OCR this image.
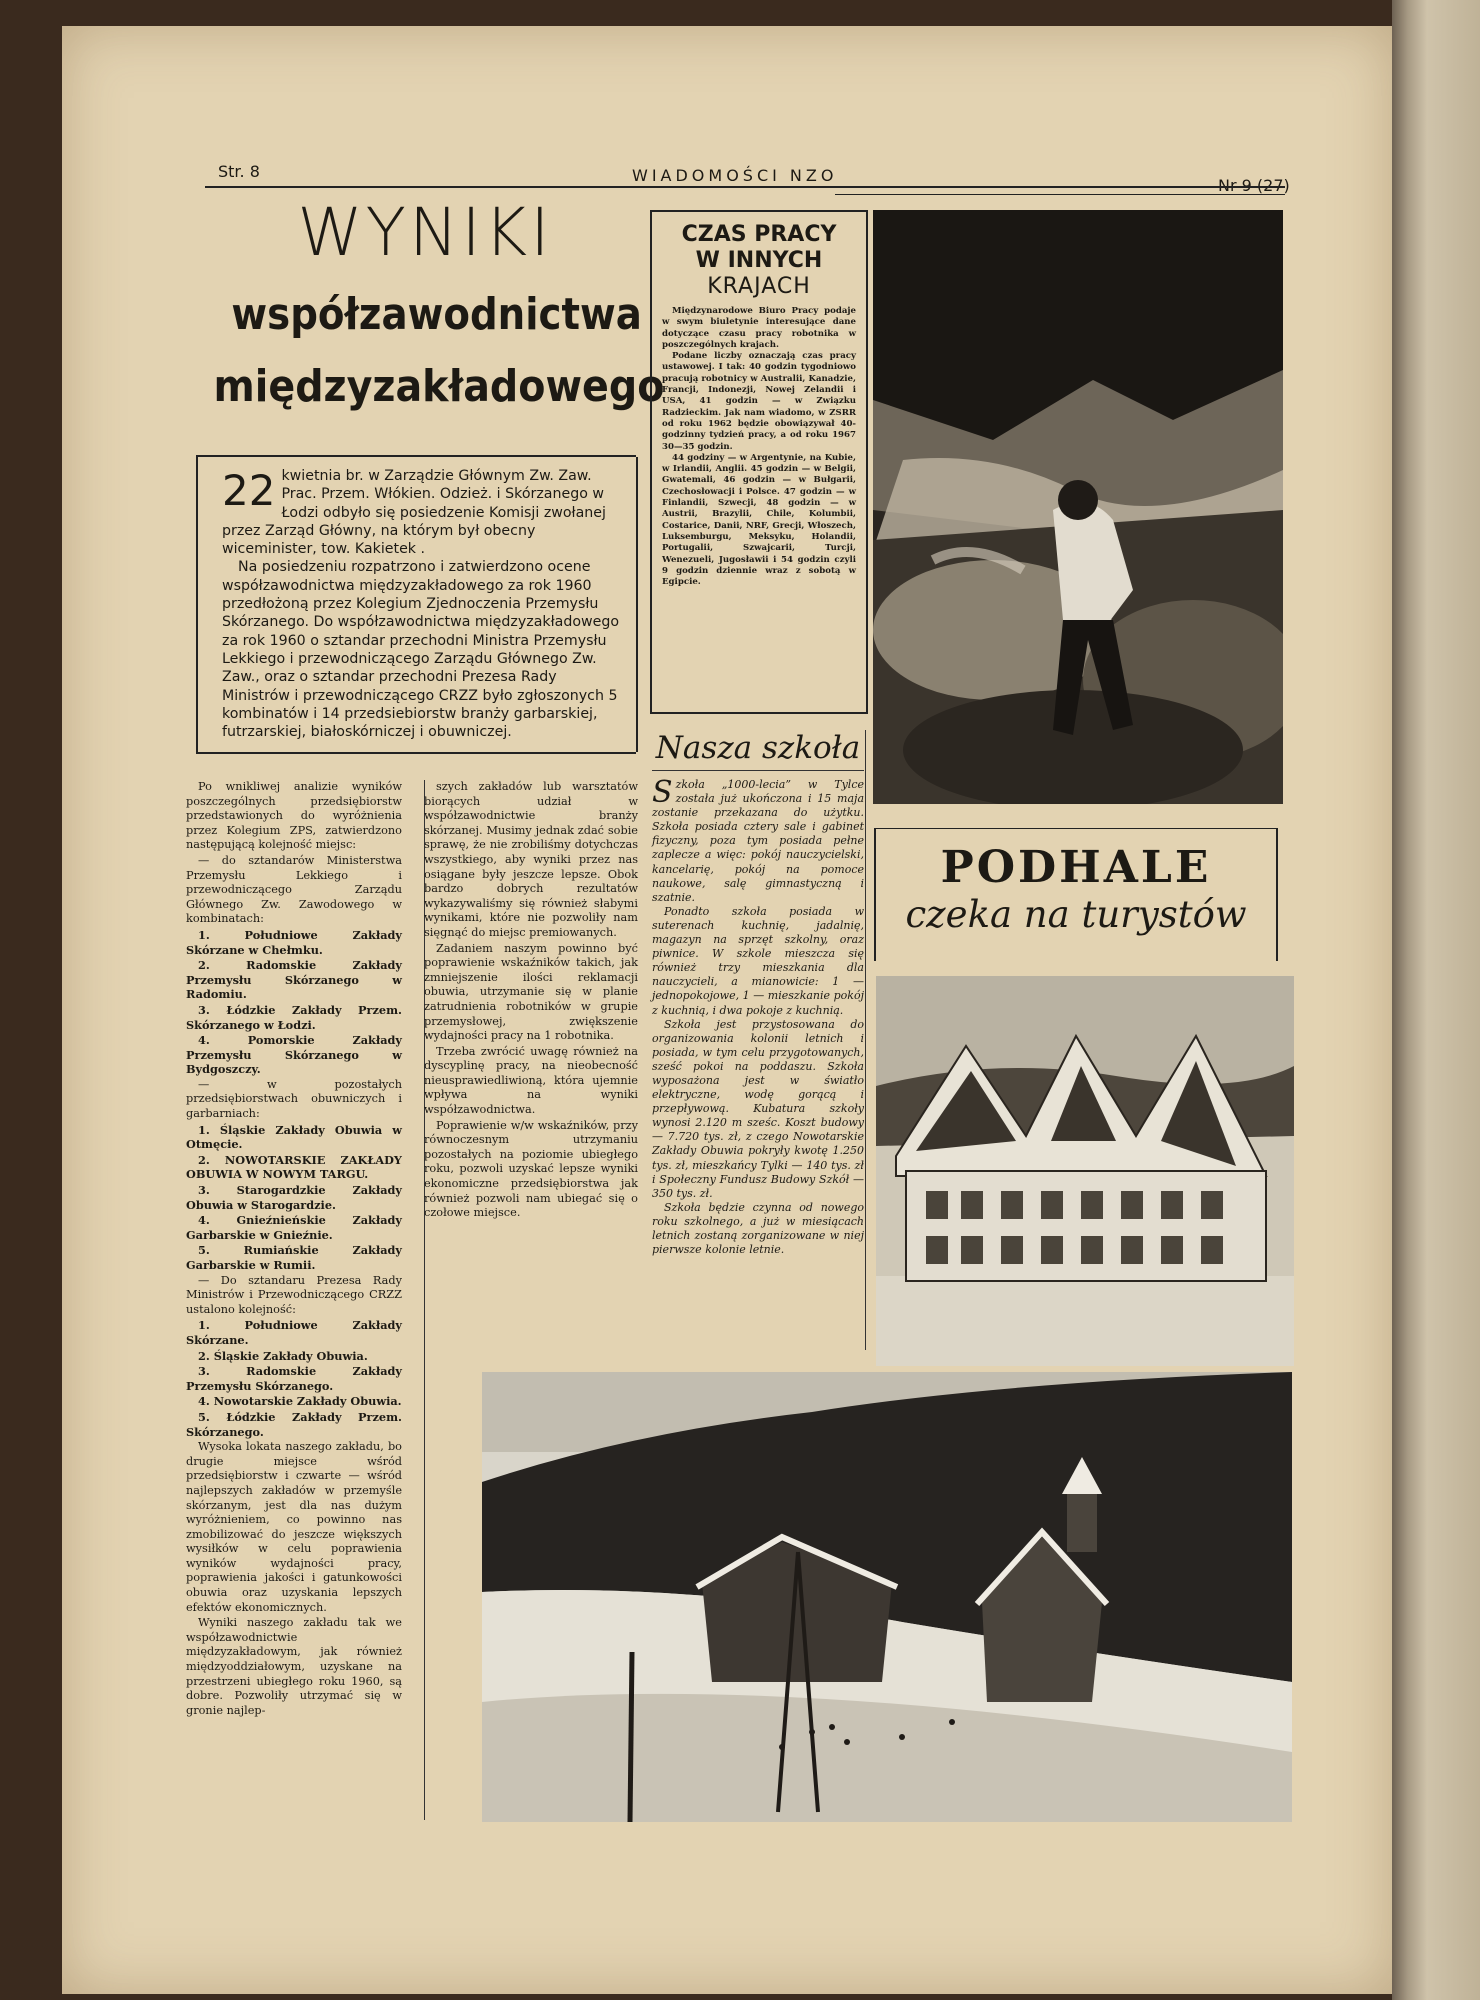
Str. 8	WIADOMOŚCI NZO
Nr 9 (27)
WYNIKI
współzawodnictwa
międzyzakładowego
22 kwietnia br. w Zarządzie Głównym Zw. Zaw. Prac. Przem. Włókien. Odzież. i Skórzanego w Łodzi odbyło się posiedzenie Komisji zwołanej przez Zarząd Główny, na którym był obecny wiceminister, tow. Kakietek .
Na posiedzeniu rozpatrzono i zatwierdzono ocene współzawodnictwa międzyzakładowego za rok 1960 przedłożoną przez Kolegium Zjednoczenia Przemysłu Skórzanego. Do współzawodnictwa międzyzakładowego za rok 1960 o sztandar przechodni Ministra Przemysłu Lekkiego i przewodniczącego Zarządu Głównego Zw. Zaw., oraz o sztandar przechodni Prezesa Rady Ministrów i przewodniczącego CRZZ było zgłoszonych 5 kombinatów i 14 przedsiebiorstw branży garbarskiej, futrzarskiej, białoskórniczej i obuwniczej.

Po wnikliwej analizie wyników poszczególnych przedsiębiorstw przedstawionych do wyróżnienia przez Kolegium ZPS, zatwierdzono następującą kolejność miejsc:

— do sztandarów Ministerstwa Przemysłu Lekkiego i przewodniczącego Zarządu Głównego Zw. Zawodowego w kombinatach:

1. Południowe Zakłady Skórzane w Chełmku.

2. Radomskie Zakłady Przemysłu Skórzanego w Radomiu.

3. Łódzkie Zakłady Przem. Skórzanego w Łodzi.

4. Pomorskie Zakłady Przemysłu Skórzanego w Bydgoszczy.

— w pozostałych przedsiębiorstwach obuwniczych i garbarniach:

1. Śląskie Zakłady Obuwia w Otmęcie.

2. NOWOTARSKIE ZAKŁADY OBUWIA W NOWYM TARGU.

3. Starogardzkie Zakłady Obuwia w Starogardzie.

4. Gnieźnieńskie Zakłady Garbarskie w Gnieźnie.

5. Rumiańskie Zakłady Garbarskie w Rumii.

— Do sztandaru Prezesa Rady Ministrów i Przewodniczącego CRZZ ustalono kolejność:

1. Południowe Zakłady Skórzane.

2. Śląskie Zakłady Obuwia.

3. Radomskie Zakłady Przemysłu Skórzanego.

4. Nowotarskie Zakłady Obuwia.

5. Łódzkie Zakłady Przem. Skórzanego.

Wysoka lokata naszego zakładu, bo drugie miejsce wśród przedsiębiorstw i czwarte — wśród najlepszych zakładów w przemyśle skórzanym, jest dla nas dużym wyróżnieniem, co powinno nas zmobilizować do jeszcze większych wysiłków w celu poprawienia wyników wydajności pracy, poprawienia jakości i gatunkowości obuwia oraz uzyskania lepszych efektów ekonomicznych.

Wyniki naszego zakładu tak we współzawodnictwie międzyzakładowym, jak również międzyoddziałowym, uzyskane na przestrzeni ubiegłego roku 1960, są dobre. Pozwoliły utrzymać się w gronie najlep-

szych zakładów lub warsztatów biorących udział w współzawodnictwie branży skórzanej. Musimy jednak zdać sobie sprawę, że nie zrobiliśmy dotychczas wszystkiego, aby wyniki przez nas osiągane były jeszcze lepsze. Obok bardzo dobrych rezultatów wykazywaliśmy się również słabymi wynikami, które nie pozwoliły nam sięgnąć do miejsc premiowanych.

Zadaniem naszym powinno być poprawienie wskaźników takich, jak zmniejszenie ilości reklamacji obuwia, utrzymanie się w planie zatrudnienia robotników w grupie przemysłowej, zwiększenie wydajności pracy na 1 robotnika.

Trzeba zwrócić uwagę również na dyscyplinę pracy, na nieobecność nieusprawiedliwioną, która ujemnie wpływa na wyniki współzawodnictwa.

Poprawienie w/w wskaźników, przy równoczesnym utrzymaniu pozostałych na poziomie ubiegłego roku, pozwoli uzyskać lepsze wyniki ekonomiczne przedsiębiorstwa jak również pozwoli nam ubiegać się o czołowe miejsce.

CZAS PRACY
W INNYCH
KRAJACH
Międzynarodowe Biuro Pracy podaje w swym biuletynie interesujące dane dotyczące czasu pracy robotnika w poszczególnych krajach.
Podane liczby oznaczają czas pracy ustawowej. I tak: 40 godzin tygodniowo pracują robotnicy w Australii, Kanadzie, Francji, Indonezji, Nowej Zelandii i USA, 41 godzin — w Związku Radzieckim. Jak nam wiadomo, w ZSRR od roku 1962 będzie obowiązywał 40-godzinny tydzień pracy, a od roku 1967 30—35 godzin.
44 godziny — w Argentynie, na Kubie, w Irlandii, Anglii. 45 godzin — w Belgii, Gwatemali, 46 godzin — w Bułgarii, Czechosłowacji i Polsce. 47 godzin — w Finlandii, Szwecji, 48 godzin — w Austrii, Brazylii, Chile, Kolumbii, Costarice, Danii, NRF, Grecji, Włoszech, Luksemburgu, Meksyku, Holandii, Portugalii, Szwajcarii, Turcji, Wenezueli, Jugosławii i 54 godzin czyli 9 godzin dziennie wraz z sobotą w Egipcie.
Nasza szkoła
Szkoła „1000-lecia” w Tylce została już ukończona i 15 maja zostanie przekazana do użytku. Szkoła posiada cztery sale i gabinet fizyczny, poza tym posiada pełne zaplecze a więc: pokój nauczycielski, kancelarię, pokój na pomoce naukowe, salę gimnastyczną i szatnie.
Ponadto szkoła posiada w suterenach kuchnię, jadalnię, magazyn na sprzęt szkolny, oraz piwnice. W szkole mieszcza się również trzy mieszkania dla nauczycieli, a mianowicie: 1 — jednopokojowe, 1 — mieszkanie pokój z kuchnią, i dwa pokoje z kuchnią.
Szkoła jest przystosowana do organizowania kolonii letnich i posiada, w tym celu przygotowanych, sześć pokoi na poddaszu. Szkoła wyposażona jest w światło elektryczne, wodę gorącą i przepływową. Kubatura szkoły wynosi 2.120 m sześc. Koszt budowy — 7.720 tys. zł, z czego Nowotarskie Zakłady Obuwia pokryły kwotę 1.250 tys. zł, mieszkańcy Tylki — 140 tys. zł i Społeczny Fundusz Budowy Szkół — 350 tys. zł.
Szkoła będzie czynna od nowego roku szkolnego, a już w miesiącach letnich zostaną zorganizowane w niej pierwsze kolonie letnie.
PODHALE
czeka na turystów
